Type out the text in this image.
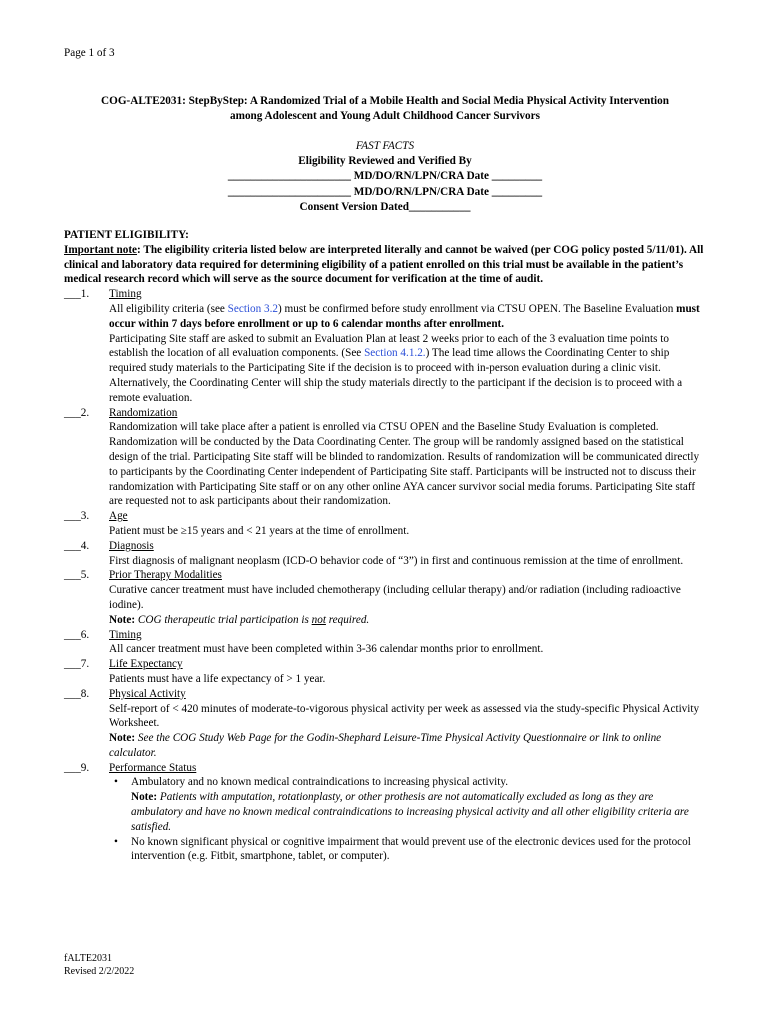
Page 1 of 3
COG-ALTE2031: StepByStep: A Randomized Trial of a Mobile Health and Social Media Physical Activity Intervention
among Adolescent and Young Adult Childhood Cancer Survivors
FAST FACTS
Eligibility Reviewed and Verified By
______________________ MD/DO/RN/LPN/CRA Date _________
______________________ MD/DO/RN/LPN/CRA Date _________
Consent Version Dated___________
PATIENT ELIGIBILITY:
Important note: The eligibility criteria listed below are interpreted literally and cannot be waived (per COG policy posted 5/11/01). All clinical and laboratory data required for determining eligibility of a patient enrolled on this trial must be available in the patient’s medical research record which will serve as the source document for verification at the time of audit.
___1. Timing
All eligibility criteria (see Section 3.2) must be confirmed before study enrollment via CTSU OPEN. The Baseline Evaluation must occur within 7 days before enrollment or up to 6 calendar months after enrollment.
Participating Site staff are asked to submit an Evaluation Plan at least 2 weeks prior to each of the 3 evaluation time points to establish the location of all evaluation components. (See Section 4.1.2.) The lead time allows the Coordinating Center to ship required study materials to the Participating Site if the decision is to proceed with in-person evaluation during a clinic visit. Alternatively, the Coordinating Center will ship the study materials directly to the participant if the decision is to proceed with a remote evaluation.
___2. Randomization
Randomization will take place after a patient is enrolled via CTSU OPEN and the Baseline Study Evaluation is completed. Randomization will be conducted by the Data Coordinating Center. The group will be randomly assigned based on the statistical design of the trial. Participating Site staff will be blinded to randomization. Results of randomization will be communicated directly to participants by the Coordinating Center independent of Participating Site staff. Participants will be instructed not to discuss their randomization with Participating Site staff or on any other online AYA cancer survivor social media forums. Participating Site staff are requested not to ask participants about their randomization.
___3. Age
Patient must be ≥15 years and < 21 years at the time of enrollment.
___4. Diagnosis
First diagnosis of malignant neoplasm (ICD-O behavior code of “3”) in first and continuous remission at the time of enrollment.
___5. Prior Therapy Modalities
Curative cancer treatment must have included chemotherapy (including cellular therapy) and/or radiation (including radioactive iodine).
Note: COG therapeutic trial participation is not required.
___6. Timing
All cancer treatment must have been completed within 3-36 calendar months prior to enrollment.
___7. Life Expectancy
Patients must have a life expectancy of > 1 year.
___8. Physical Activity
Self-report of < 420 minutes of moderate-to-vigorous physical activity per week as assessed via the study-specific Physical Activity Worksheet.
Note: See the COG Study Web Page for the Godin-Shephard Leisure-Time Physical Activity Questionnaire or link to online calculator.
___9. Performance Status
• Ambulatory and no known medical contraindications to increasing physical activity.
Note: Patients with amputation, rotationplasty, or other prothesis are not automatically excluded as long as they are ambulatory and have no known medical contraindications to increasing physical activity and all other eligibility criteria are satisfied.
• No known significant physical or cognitive impairment that would prevent use of the electronic devices used for the protocol intervention (e.g. Fitbit, smartphone, tablet, or computer).
fALTE2031
Revised 2/2/2022
